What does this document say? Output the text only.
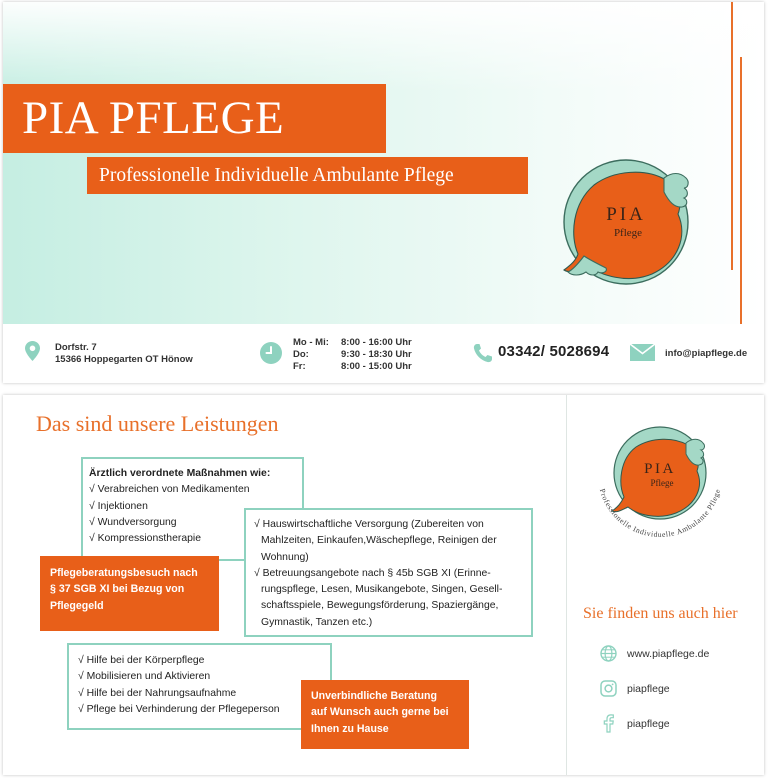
PIA PFLEGE
Professionelle Individuelle Ambulante Pflege
PIA
Pflege
Dorfstr. 7
15366 Hoppegarten OT Hönow
Mo - Mi:	8:00 - 16:00 Uhr
Do:	9:30 - 18:30 Uhr
Fr:	8:00 - 15:00 Uhr
03342/ 5028694	info@piapflege.de
Das sind unsere Leistungen
Ärztlich verordnete Maßnahmen wie:
√ Verabreichen von Medikamenten
√ Injektionen
√ Wundversorgung
√ Kompressionstherapie
√ Hauswirtschaftliche Versorgung (Zubereiten von
Mahlzeiten, Einkaufen,Wäschepflege, Reinigen der
Wohnung)
√ Betreuungsangebote nach § 45b SGB XI (Erinne-
rungspflege, Lesen, Musikangebote, Singen, Gesell-
schaftsspiele, Bewegungsförderung, Spaziergänge,
Gymnastik, Tanzen etc.)
Pflegeberatungsbesuch nach
§ 37 SGB XI bei Bezug von
Pflegegeld
√ Hilfe bei der Körperpflege
√ Mobilisieren und Aktivieren
√ Hilfe bei der Nahrungsaufnahme
√ Pflege bei Verhinderung der Pflegeperson
Unverbindliche Beratung
auf Wunsch auch gerne bei
Ihnen zu Hause
PIA
Pflege
Professionelle Individuelle Ambulante Pflege
Sie finden uns auch hier
www.piapflege.de
piapflege
piapflege
